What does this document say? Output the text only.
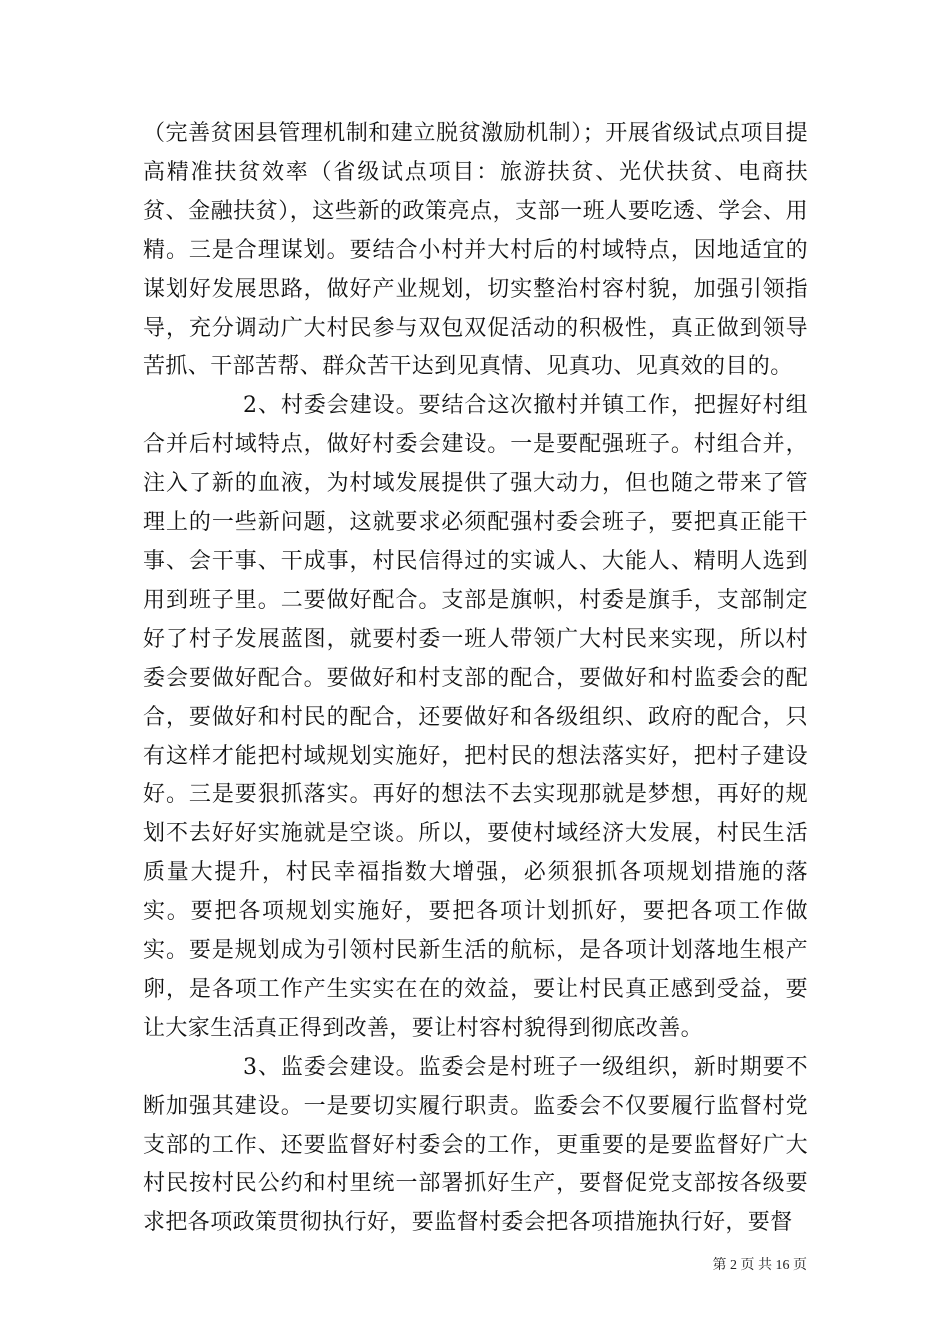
（完善贫困县管理机制和建立脱贫激励机制）；开展省级试点项目提高精准扶贫效率（省级试点项目：旅游扶贫、光伏扶贫、电商扶贫、金融扶贫），这些新的政策亮点，支部一班人要吃透、学会、用精。三是合理谋划。要结合小村并大村后的村域特点，因地适宜的谋划好发展思路，做好产业规划，切实整治村容村貌，加强引领指导，充分调动广大村民参与双包双促活动的积极性，真正做到领导苦抓、干部苦帮、群众苦干达到见真情、见真功、见真效的目的。

2、村委会建设。要结合这次撤村并镇工作，把握好村组合并后村域特点，做好村委会建设。一是要配强班子。村组合并，注入了新的血液，为村域发展提供了强大动力，但也随之带来了管理上的一些新问题，这就要求必须配强村委会班子，要把真正能干事、会干事、干成事，村民信得过的实诚人、大能人、精明人选到用到班子里。二要做好配合。支部是旗帜，村委是旗手，支部制定好了村子发展蓝图，就要村委一班人带领广大村民来实现，所以村委会要做好配合。要做好和村支部的配合，要做好和村监委会的配合，要做好和村民的配合，还要做好和各级组织、政府的配合，只有这样才能把村域规划实施好，把村民的想法落实好，把村子建设好。三是要狠抓落实。再好的想法不去实现那就是梦想，再好的规划不去好好实施就是空谈。所以，要使村域经济大发展，村民生活质量大提升，村民幸福指数大增强，必须狠抓各项规划措施的落实。要把各项规划实施好，要把各项计划抓好，要把各项工作做实。要是规划成为引领村民新生活的航标，是各项计划落地生根产卵，是各项工作产生实实在在的效益，要让村民真正感到受益，要让大家生活真正得到改善，要让村容村貌得到彻底改善。

3、监委会建设。监委会是村班子一级组织，新时期要不断加强其建设。一是要切实履行职责。监委会不仅要履行监督村党支部的工作、还要监督好村委会的工作，更重要的是要监督好广大村民按村民公约和村里统一部署抓好生产，要督促党支部按各级要求把各项政策贯彻执行好，要监督村委会把各项措施执行好，要督

第 2 页 共 16 页
